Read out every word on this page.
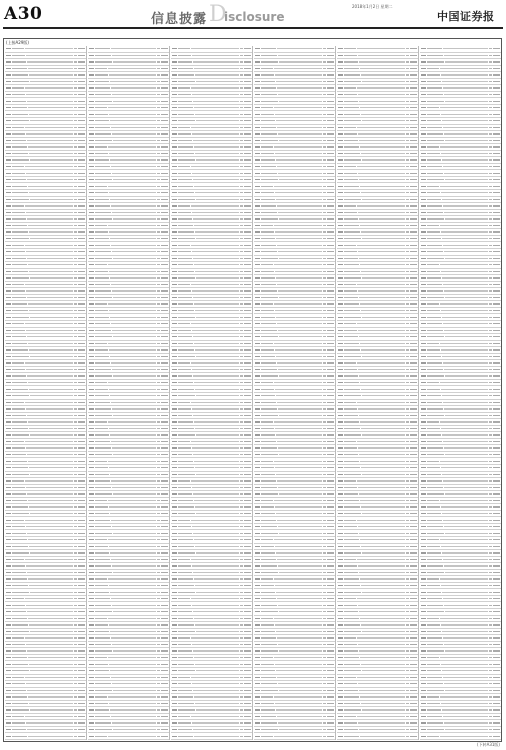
A30	信息披露 D
isclosure
2018年1月2日 星期二
中国证券报
(上接A29版)
(下转A31版)
